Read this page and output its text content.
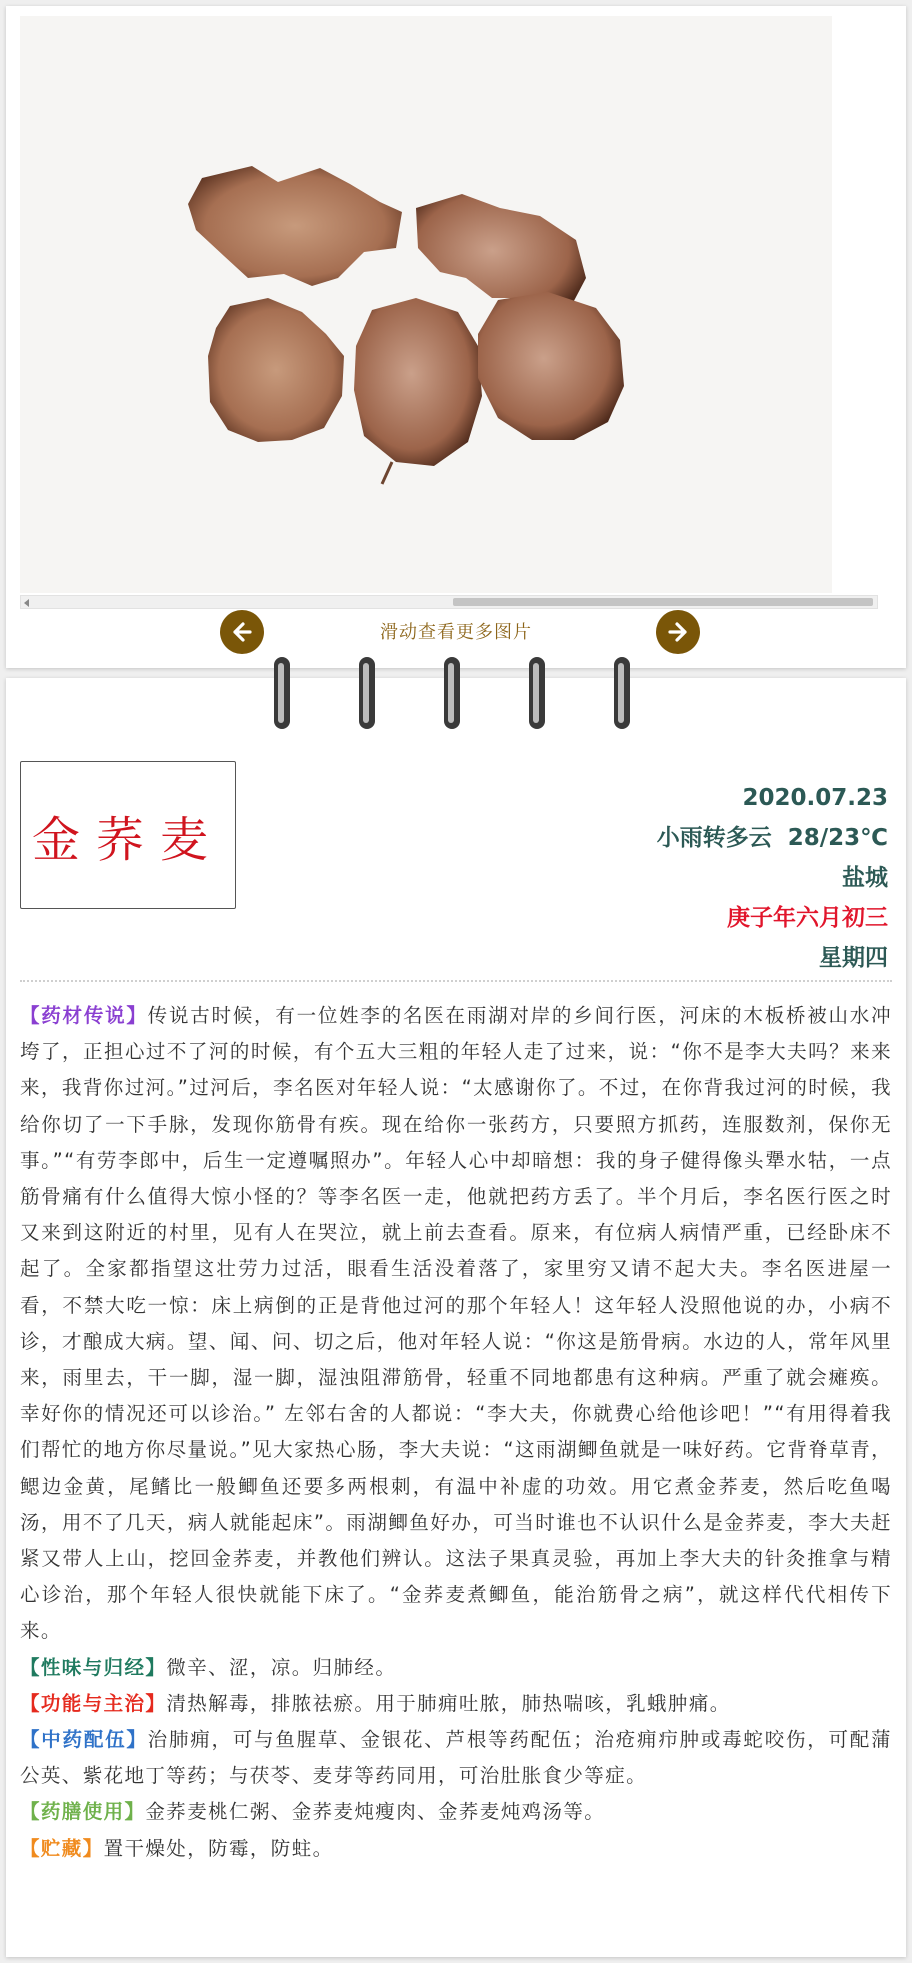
滑动查看更多图片
金荞麦
2020.07.23
小雨转多云  28/23℃
盐城
庚子年六月初三
星期四

【药材传说】传说古时候，有一位姓李的名医在雨湖对岸的乡间行医，河床的木板桥被山水冲垮了，正担心过不了河的时候，有个五大三粗的年轻人走了过来，说：“你不是李大夫吗？来来来，我背你过河。”过河后，李名医对年轻人说：“太感谢你了。不过，在你背我过河的时候，我给你切了一下手脉，发现你筋骨有疾。现在给你一张药方，只要照方抓药，连服数剂，保你无事。”“有劳李郎中，后生一定遵嘱照办”。年轻人心中却暗想：我的身子健得像头犟水牯，一点筋骨痛有什么值得大惊小怪的？等李名医一走，他就把药方丢了。半个月后，李名医行医之时又来到这附近的村里，见有人在哭泣，就上前去查看。原来，有位病人病情严重，已经卧床不起了。全家都指望这壮劳力过活，眼看生活没着落了，家里穷又请不起大夫。李名医进屋一看，不禁大吃一惊：床上病倒的正是背他过河的那个年轻人！这年轻人没照他说的办，小病不诊，才酿成大病。望、闻、问、切之后，他对年轻人说：“你这是筋骨病。水边的人，常年风里来，雨里去，干一脚，湿一脚，湿浊阻滞筋骨，轻重不同地都患有这种病。严重了就会瘫痪。幸好你的情况还可以诊治。” 左邻右舍的人都说：“李大夫，你就费心给他诊吧！”“有用得着我们帮忙的地方你尽量说。”见大家热心肠，李大夫说：“这雨湖鲫鱼就是一味好药。它背脊草青，鳃边金黄，尾鳍比一般鲫鱼还要多两根刺，有温中补虚的功效。用它煮金荞麦，然后吃鱼喝汤，用不了几天，病人就能起床”。雨湖鲫鱼好办，可当时谁也不认识什么是金荞麦，李大夫赶紧又带人上山，挖回金荞麦，并教他们辨认。这法子果真灵验，再加上李大夫的针灸推拿与精心诊治，那个年轻人很快就能下床了。“金荞麦煮鲫鱼，能治筋骨之病”，就这样代代相传下来。

【性味与归经】微辛、涩，凉。归肺经。

【功能与主治】清热解毒，排脓祛瘀。用于肺痈吐脓，肺热喘咳，乳蛾肿痛。

【中药配伍】治肺痈，可与鱼腥草、金银花、芦根等药配伍；治疮痈疖肿或毒蛇咬伤，可配蒲公英、紫花地丁等药；与茯苓、麦芽等药同用，可治肚胀食少等症。

【药膳使用】金荞麦桃仁粥、金荞麦炖瘦肉、金荞麦炖鸡汤等。

【贮藏】置干燥处，防霉，防蛀。
